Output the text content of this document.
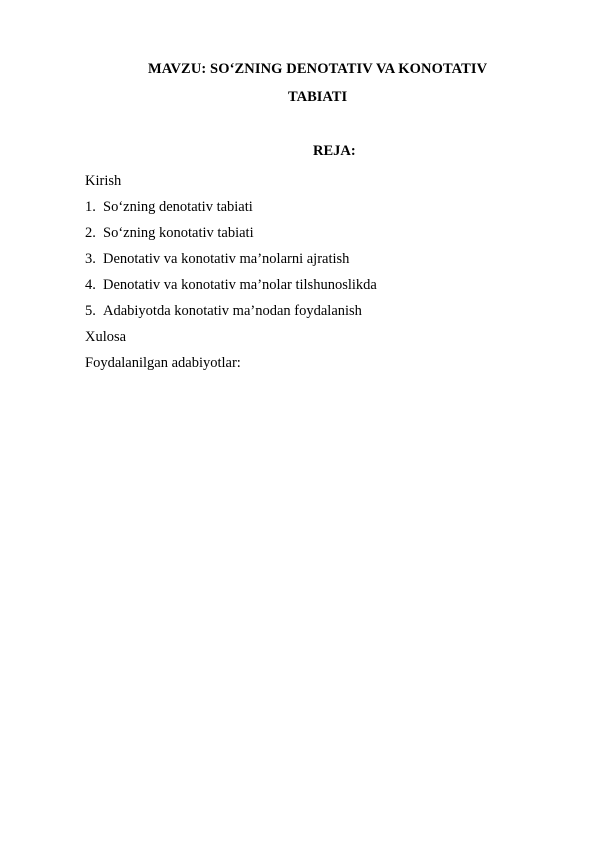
MAVZU: SO‘ZNING DENOTATIV VA KONOTATIV
TABIATI
REJA:
Kirish
1. So‘zning denotativ tabiati
2. So‘zning konotativ tabiati
3. Denotativ va konotativ ma’nolarni ajratish
4. Denotativ va konotativ ma’nolar tilshunoslikda
5. Adabiyotda konotativ ma’nodan foydalanish
Xulosa
Foydalanilgan adabiyotlar:
